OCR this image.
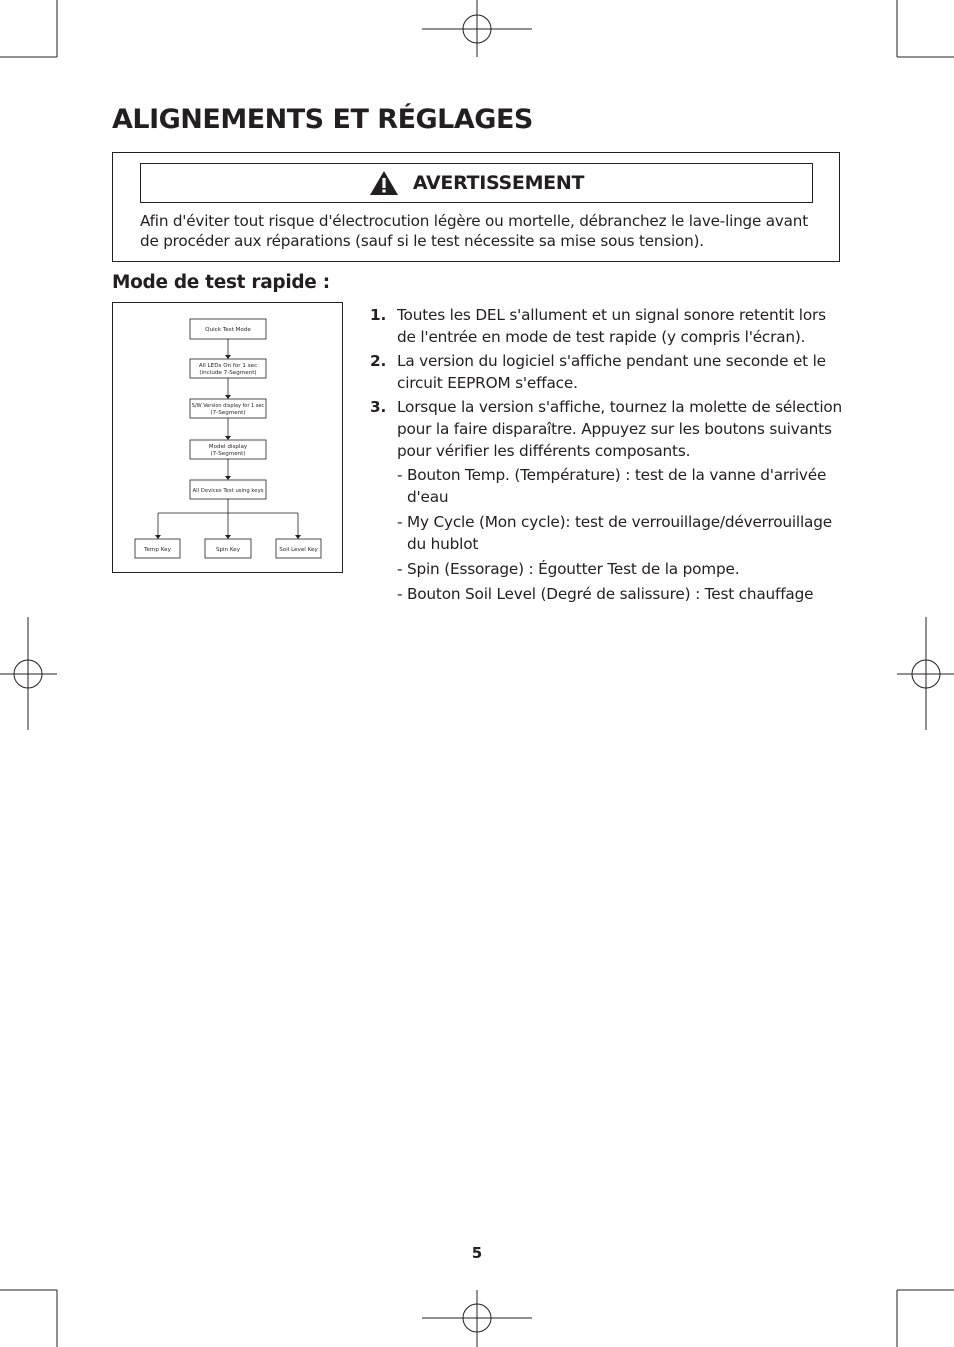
ALIGNEMENTS ET RÉGLAGES
AVERTISSEMENT
Afin d'éviter tout risque d'électrocution légère ou mortelle, débranchez le lave-linge avant de procéder aux réparations (sauf si le test nécessite sa mise sous tension).
Mode de test rapide :
Quick Test Mode
All LEDs On for 1 sec
(include 7-Segment)
S/W Version display for 1 sec
(7-Segment)
Model display
(7-Segment)
All Devices Test using keys
Temp Key	Spin Key	Soil Level Key
1. Toutes les DEL s'allument et un signal sonore retentit lors de l'entrée en mode de test rapide (y compris l'écran).
2. La version du logiciel s'affiche pendant une seconde et le circuit EEPROM s'efface.
3. Lorsque la version s'affiche, tournez la molette de sélection pour la faire disparaître. Appuyez sur les boutons suivants pour vérifier les différents composants.
- Bouton Temp. (Température) : test de la vanne d'arrivée d'eau
- My Cycle (Mon cycle): test de verrouillage/déverrouillage du hublot
- Spin (Essorage) : Égoutter Test de la pompe.
- Bouton Soil Level (Degré de salissure) : Test chauffage
5
